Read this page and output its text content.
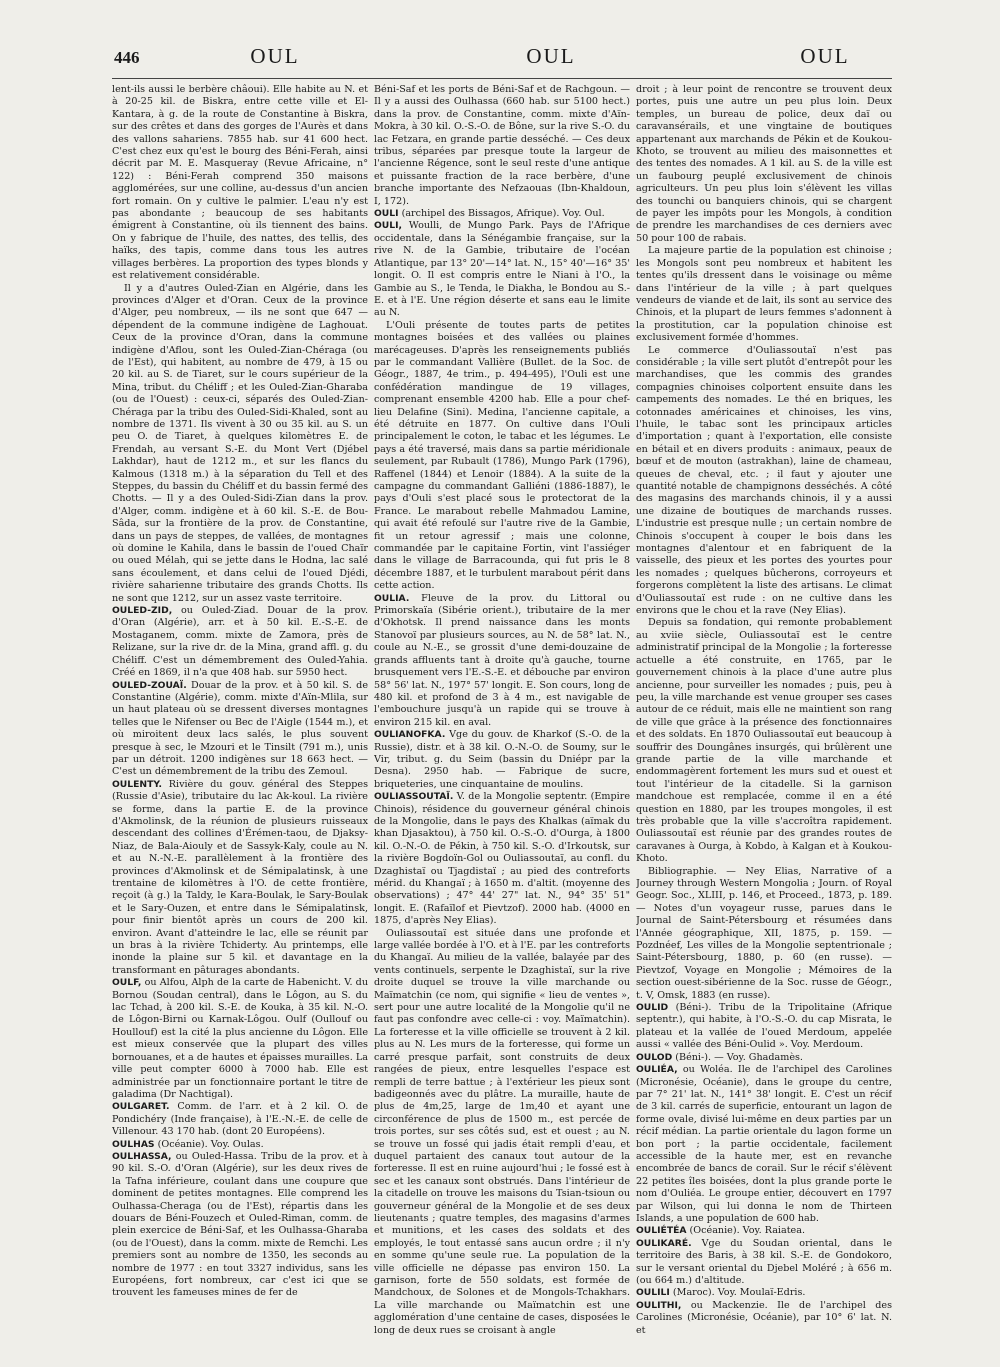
446	OUL	OUL	OUL

lent-ils aussi le berbère châoui). Elle habite au N. et à 20-25 kil. de Biskra, entre cette ville et El-Kantara, à g. de la route de Constantine à Biskra, sur des crêtes et dans des gorges de l'Aurès et dans des vallons sahariens. 7855 hab. sur 41 600 hect. C'est chez eux qu'est le bourg des Béni-Ferah, ainsi décrit par M. E. Masqueray (Revue Africaine, n° 122) : Béni-Ferah comprend 350 maisons agglomérées, sur une colline, au-dessus d'un ancien fort romain. On y cultive le palmier. L'eau n'y est pas abondante ; beaucoup de ses habitants émigrent à Constantine, où ils tiennent des bains. On y fabrique de l'huile, des nattes, des tellis, des haïks, des tapis, comme dans tous les autres villages berbères. La proportion des types blonds y est relativement considérable.

Il y a d'autres Ouled-Zian en Algérie, dans les provinces d'Alger et d'Oran. Ceux de la province d'Alger, peu nombreux, — ils ne sont que 647 — dépendent de la commune indigène de Laghouat. Ceux de la province d'Oran, dans la commune indigène d'Aflou, sont les Ouled-Zian-Chéraga (ou de l'Est), qui habitent, au nombre de 479, à 15 ou 20 kil. au S. de Tiaret, sur le cours supérieur de la Mina, tribut. du Chéliff ; et les Ouled-Zian-Gharaba (ou de l'Ouest) : ceux-ci, séparés des Ouled-Zian-Chéraga par la tribu des Ouled-Sidi-Khaled, sont au nombre de 1371. Ils vivent à 30 ou 35 kil. au S. un peu O. de Tiaret, à quelques kilomètres E. de Frendah, au versant S.-E. du Mont Vert (Djébel Lakhdar), haut de 1212 m., et sur les flancs du Kalmous (1318 m.) à la séparation du Tell et des Steppes, du bassin du Chéliff et du bassin fermé des Chotts. — Il y a des Ouled-Sidi-Zian dans la prov. d'Alger, comm. indigène et à 60 kil. S.-E. de Bou-Sâda, sur la frontière de la prov. de Constantine, dans un pays de steppes, de vallées, de montagnes où domine le Kahila, dans le bassin de l'oued Chaïr ou oued Mélah, qui se jette dans le Hodna, lac salé sans écoulement, et dans celui de l'oued Djédi, rivière saharienne tributaire des grands Chotts. Ils ne sont que 1212, sur un assez vaste territoire.

OULED-ZID, ou Ouled-Ziad. Douar de la prov. d'Oran (Algérie), arr. et à 50 kil. E.-S.-E. de Mostaganem, comm. mixte de Zamora, près de Relizane, sur la rive dr. de la Mina, grand affl. g. du Chéliff. C'est un démembrement des Ouled-Yahia. Créé en 1869, il n'a que 408 hab. sur 5950 hect.

OULED-ZOUAÏ. Douar de la prov. et à 50 kil. S. de Constantine (Algérie), comm. mixte d'Aïn-Mlila, sur un haut plateau où se dressent diverses montagnes telles que le Nifenser ou Bec de l'Aigle (1544 m.), et où miroitent deux lacs salés, le plus souvent presque à sec, le Mzouri et le Tinsilt (791 m.), unis par un détroit. 1200 indigènes sur 18 663 hect. — C'est un démembrement de la tribu des Zemoul.

OULENTY. Rivière du gouv. général des Steppes (Russie d'Asie), tributaire du lac Ak-koul. La rivière se forme, dans la partie E. de la province d'Akmolinsk, de la réunion de plusieurs ruisseaux descendant des collines d'Érémen-taou, de Djaksy-Niaz, de Bala-Aiouly et de Sassyk-Kaly, coule au N. et au N.-N.-E. parallèlement à la frontière des provinces d'Akmolinsk et de Sémipalatinsk, à une trentaine de kilomètres à l'O. de cette frontière, reçoit (à g.) la Taldy, le Kara-Boulak, le Sary-Boulak et le Sary-Ouzen, et entre dans le Sémipalatinsk, pour finir bientôt après un cours de 200 kil. environ. Avant d'atteindre le lac, elle se réunit par un bras à la rivière Tchiderty. Au printemps, elle inonde la plaine sur 5 kil. et davantage en la transformant en pâturages abondants.

OULF, ou Alfou, Alph de la carte de Habenicht. V. du Bornou (Soudan central), dans le Lôgon, au S. du lac Tchad, à 200 kil. S.-E. de Kouka, à 35 kil. N.-O. de Lôgon-Birni ou Karnak-Lôgou. Oulf (Oullouf ou Houllouf) est la cité la plus ancienne du Lôgon. Elle est mieux conservée que la plupart des villes bornouanes, et a de hautes et épaisses murailles. La ville peut compter 6000 à 7000 hab. Elle est administrée par un fonctionnaire portant le titre de galadima (Dr Nachtigal).

OULGARET. Comm. de l'arr. et à 2 kil. O. de Pondichéry (Inde française), à l'E.-N.-E. de celle de Villenour. 43 170 hab. (dont 20 Européens).

OULHAS (Océanie). Voy. Oulas.

OULHASSA, ou Ouled-Hassa. Tribu de la prov. et à 90 kil. S.-O. d'Oran (Algérie), sur les deux rives de la Tafna inférieure, coulant dans une coupure que dominent de petites montagnes. Elle comprend les Oulhassa-Cheraga (ou de l'Est), répartis dans les douars de Béni-Fouzech et Ouled-Riman, comm. de plein exercice de Béni-Saf, et les Oulhassa-Gharaba (ou de l'Ouest), dans la comm. mixte de Remchi. Les premiers sont au nombre de 1350, les seconds au nombre de 1977 : en tout 3327 individus, sans les Européens, fort nombreux, car c'est ici que se trouvent les fameuses mines de fer de

Béni-Saf et les ports de Béni-Saf et de Rachgoun. — Il y a aussi des Oulhassa (660 hab. sur 5100 hect.) dans la prov. de Constantine, comm. mixte d'Aïn-Mokra, à 30 kil. O.-S.-O. de Bône, sur la rive S.-O. du lac Fetzara, en grande partie desséché. — Ces deux tribus, séparées par presque toute la largeur de l'ancienne Régence, sont le seul reste d'une antique et puissante fraction de la race berbère, d'une branche importante des Nefzaouas (Ibn-Khaldoun, I, 172).

OULI (archipel des Bissagos, Afrique). Voy. Oul.

OULI, Woulli, de Mungo Park. Pays de l'Afrique occidentale, dans la Sénégambie française, sur la rive N. de la Gambie, tributaire de l'océan Atlantique, par 13° 20'—14° lat. N., 15° 40'—16° 35' longit. O. Il est compris entre le Niani à l'O., la Gambie au S., le Tenda, le Diakha, le Bondou au S.-E. et à l'E. Une région déserte et sans eau le limite au N.

L'Ouli présente de toutes parts de petites montagnes boisées et des vallées ou plaines marécageuses. D'après les renseignements publiés par le commandant Vallière (Bullet. de la Soc. de Géogr., 1887, 4e trim., p. 494-495), l'Ouli est une confédération mandingue de 19 villages, comprenant ensemble 4200 hab. Elle a pour chef-lieu Delafine (Sini). Medina, l'ancienne capitale, a été détruite en 1877. On cultive dans l'Ouli principalement le coton, le tabac et les légumes. Le pays a été traversé, mais dans sa partie méridionale seulement, par Rubault (1786), Mungo Park (1796), Raffenel (1844) et Lenoir (1884). A la suite de la campagne du commandant Galliéni (1886-1887), le pays d'Ouli s'est placé sous le protectorat de la France. Le marabout rebelle Mahmadou Lamine, qui avait été refoulé sur l'autre rive de la Gambie, fit un retour agressif ; mais une colonne, commandée par le capitaine Fortin, vint l'assiéger dans le village de Barracounda, qui fut pris le 8 décembre 1887, et le turbulent marabout périt dans cette action.

OULIA. Fleuve de la prov. du Littoral ou Primorskaïa (Sibérie orient.), tributaire de la mer d'Okhotsk. Il prend naissance dans les monts Stanovoï par plusieurs sources, au N. de 58° lat. N., coule au N.-E., se grossit d'une demi-douzaine de grands affluents tant à droite qu'à gauche, tourne brusquement vers l'E.-S.-E. et débouche par environ 58° 56' lat. N., 197° 57' longit. E. Son cours, long de 480 kil. et profond de 3 à 4 m., est navigable de l'embouchure jusqu'à un rapide qui se trouve à environ 215 kil. en aval.

OULIANOFKA. Vge du gouv. de Kharkof (S.-O. de la Russie), distr. et à 38 kil. O.-N.-O. de Soumy, sur le Vir, tribut. g. du Seim (bassin du Dniépr par la Desna). 2950 hab. — Fabrique de sucre, briqueteries, une cinquantaine de moulins.

OULIASSOUTAÏ. V. de la Mongolie septentr. (Empire Chinois), résidence du gouverneur général chinois de la Mongolie, dans le pays des Khalkas (aïmak du khan Djasaktou), à 750 kil. O.-S.-O. d'Ourga, à 1800 kil. O.-N.-O. de Pékin, à 750 kil. S.-O. d'Irkoutsk, sur la rivière Bogdoïn-Gol ou Ouliassoutaï, au confl. du Dzaghistaï ou Tjagdistaï ; au pied des contreforts mérid. du Khangaï ; à 1650 m. d'altit. (moyenne des observations) ; 47° 44' 27" lat. N., 94° 35' 51" longit. E. (Rafaïlof et Pievtzof). 2000 hab. (4000 en 1875, d'après Ney Elias).

Ouliassoutaï est située dans une profonde et large vallée bordée à l'O. et à l'E. par les contreforts du Khangaï. Au milieu de la vallée, balayée par des vents continuels, serpente le Dzaghistaï, sur la rive droite duquel se trouve la ville marchande ou Maïmatchin (ce nom, qui signifie « lieu de ventes », sert pour une autre localité de la Mongolie qu'il ne faut pas confondre avec celle-ci : voy. Maïmatchin). La forteresse et la ville officielle se trouvent à 2 kil. plus au N. Les murs de la forteresse, qui forme un carré presque parfait, sont construits de deux rangées de pieux, entre lesquelles l'espace est rempli de terre battue ; à l'extérieur les pieux sont badigeonnés avec du plâtre. La muraille, haute de plus de 4m,25, large de 1m,40 et ayant une circonférence de plus de 1500 m., est percée de trois portes, sur ses côtés sud, est et ouest ; au N. se trouve un fossé qui jadis était rempli d'eau, et duquel partaient des canaux tout autour de la forteresse. Il est en ruine aujourd'hui ; le fossé est à sec et les canaux sont obstrués. Dans l'intérieur de la citadelle on trouve les maisons du Tsian-tsioun ou gouverneur général de la Mongolie et de ses deux lieutenants ; quatre temples, des magasins d'armes et munitions, et les cases des soldats et des employés, le tout entassé sans aucun ordre ; il n'y en somme qu'une seule rue. La population de la ville officielle ne dépasse pas environ 150. La garnison, forte de 550 soldats, est formée de Mandchoux, de Solones et de Mongols-Tchakhars. La ville marchande ou Maïmatchin est une agglomération d'une centaine de cases, disposées le long de deux rues se croisant à angle

droit ; à leur point de rencontre se trouvent deux portes, puis une autre un peu plus loin. Deux temples, un bureau de police, deux daï ou caravansérails, et une vingtaine de boutiques appartenant aux marchands de Pékin et de Koukou-Khoto, se trouvent au milieu des maisonnettes et des tentes des nomades. A 1 kil. au S. de la ville est un faubourg peuplé exclusivement de chinois agriculteurs. Un peu plus loin s'élèvent les villas des tounchi ou banquiers chinois, qui se chargent de payer les impôts pour les Mongols, à condition de prendre les marchandises de ces derniers avec 50 pour 100 de rabais.

La majeure partie de la population est chinoise ; les Mongols sont peu nombreux et habitent les tentes qu'ils dressent dans le voisinage ou même dans l'intérieur de la ville ; à part quelques vendeurs de viande et de lait, ils sont au service des Chinois, et la plupart de leurs femmes s'adonnent à la prostitution, car la population chinoise est exclusivement formée d'hommes.

Le commerce d'Ouliassoutaï n'est pas considérable ; la ville sert plutôt d'entrepôt pour les marchandises, que les commis des grandes compagnies chinoises colportent ensuite dans les campements des nomades. Le thé en briques, les cotonnades américaines et chinoises, les vins, l'huile, le tabac sont les principaux articles d'importation ; quant à l'exportation, elle consiste en bétail et en divers produits : animaux, peaux de bœuf et de mouton (astrakhan), laine de chameau, queues de cheval, etc. ; il faut y ajouter une quantité notable de champignons desséchés. A côté des magasins des marchands chinois, il y a aussi une dizaine de boutiques de marchands russes. L'industrie est presque nulle ; un certain nombre de Chinois s'occupent à couper le bois dans les montagnes d'alentour et en fabriquent de la vaisselle, des pieux et les portes des yourtes pour les nomades ; quelques bûcherons, corroyeurs et forgerons complètent la liste des artisans. Le climat d'Ouliassoutaï est rude : on ne cultive dans les environs que le chou et la rave (Ney Elias).

Depuis sa fondation, qui remonte probablement au xviie siècle, Ouliassoutaï est le centre administratif principal de la Mongolie ; la forteresse actuelle a été construite, en 1765, par le gouvernement chinois à la place d'une autre plus ancienne, pour surveiller les nomades ; puis, peu à peu, la ville marchande est venue grouper ses cases autour de ce réduit, mais elle ne maintient son rang de ville que grâce à la présence des fonctionnaires et des soldats. En 1870 Ouliassoutaï eut beaucoup à souffrir des Doungânes insurgés, qui brûlèrent une grande partie de la ville marchande et endommagèrent fortement les murs sud et ouest et tout l'intérieur de la citadelle. Si la garnison mandchoue est remplacée, comme il en a été question en 1880, par les troupes mongoles, il est très probable que la ville s'accroîtra rapidement. Ouliassoutaï est réunie par des grandes routes de caravanes à Ourga, à Kobdo, à Kalgan et à Koukou-Khoto.

Bibliographie. — Ney Elias, Narrative of a Journey through Western Mongolia ; Journ. of Royal Geogr. Soc., XLIII, p. 146, et Proceed., 1873, p. 189. — Notes d'un voyageur russe, parues dans le Journal de Saint-Pétersbourg et résumées dans l'Année géographique, XII, 1875, p. 159. — Pozdnéef, Les villes de la Mongolie septentrionale ; Saint-Pétersbourg, 1880, p. 60 (en russe). — Pievtzof, Voyage en Mongolie ; Mémoires de la section ouest-sibérienne de la Soc. russe de Géogr., t. V, Omsk, 1883 (en russe).

OULID (Béni-). Tribu de la Tripolitaine (Afrique septentr.), qui habite, à l'O.-S.-O. du cap Misrata, le plateau et la vallée de l'oued Merdoum, appelée aussi « vallée des Béni-Oulid ». Voy. Merdoum.

OULOD (Béni-). — Voy. Ghadamès.

OULIÉA, ou Woléa. Ile de l'archipel des Carolines (Micronésie, Océanie), dans le groupe du centre, par 7° 21' lat. N., 141° 38' longit. E. C'est un récif de 3 kil. carrés de superficie, entourant un lagon de forme ovale, divisé lui-même en deux parties par un récif médian. La partie orientale du lagon forme un bon port ; la partie occidentale, facilement accessible de la haute mer, est en revanche encombrée de bancs de corail. Sur le récif s'élèvent 22 petites îles boisées, dont la plus grande porte le nom d'Ouliéa. Le groupe entier, découvert en 1797 par Wilson, qui lui donna le nom de Thirteen Islands, a une population de 600 hab.

OULIÉTÉA (Océanie). Voy. Raiatea.

OULIKARÉ. Vge du Soudan oriental, dans le territoire des Baris, à 38 kil. S.-E. de Gondokoro, sur le versant oriental du Djebel Moléré ; à 656 m. (ou 664 m.) d'altitude.

OULILI (Maroc). Voy. Moulaï-Edris.

OULITHI, ou Mackenzie. Ile de l'archipel des Carolines (Micronésie, Océanie), par 10° 6' lat. N. et
